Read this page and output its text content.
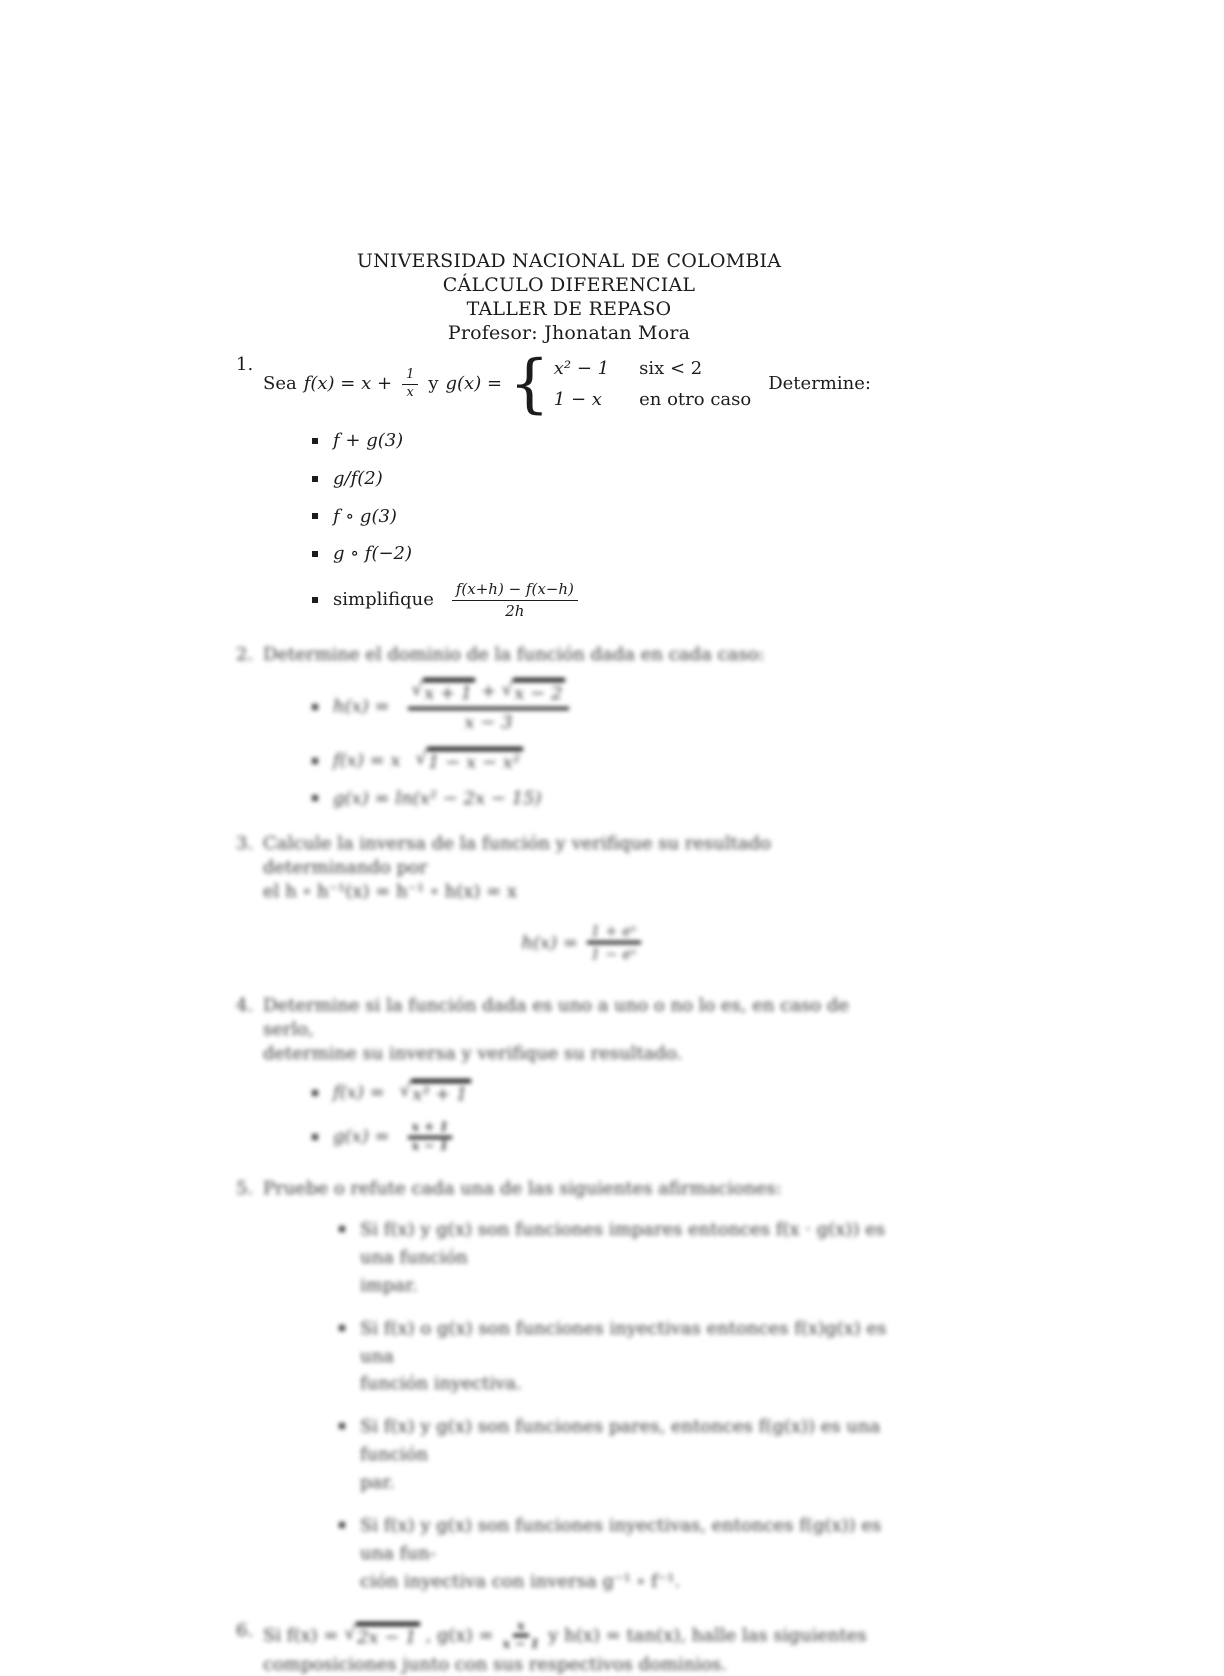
UNIVERSIDAD NACIONAL DE COLOMBIA
CÁLCULO DIFERENCIAL
TALLER DE REPASO
Profesor: Jhonatan Mora
1.
Sea $f(x) = x + \frac{1}{x}$ y g(x) =
{
x² − 1 six < 2
1 − x	en otro caso
Determine:
f + g(3)
g/f(2)
f ∘ g(3)
g ∘ f(−2)
simplifique $\frac{f(x+h) - f(x-h)}{2h}$
2. Determine el dominio de la función dada en cada caso:
h(x) = √ $\frac{x + 1 + √ x - 2}{x - 3}$
f(x) = x √ 1 − x − x²
g(x) = ln(x² − 2x − 15)
3. Calcule la inversa de la función y verifique su resultado determinando por
el h ∘ h⁻¹(x) = h⁻¹ ∘ h(x) = x
$h(x) = \frac{\text{1 + eˣ}}{\text{1 − eˣ}}$
4. Determine si la función dada es uno a uno o no lo es, en caso de serlo,
determine su inversa y verifique su resultado.
f(x) = √ x³ + 1
$g(x) = \frac{x + 1}{x - 1}$
5. Pruebe o refute cada una de las siguientes afirmaciones:
Si f(x) y g(x) son funciones impares entonces f(x · g(x)) es una función
impar.
Si f(x) o g(x) son funciones inyectivas entonces f(x)g(x) es una
función inyectiva.
Si f(x) y g(x) son funciones pares, entonces f(g(x)) es una función
par.
Si f(x) y g(x) son funciones inyectivas, entonces f(g(x)) es una fun-
ción inyectiva con inversa g⁻¹ ∘ f⁻¹.
6. Si f(x) = √ 2x − 1 , $g(x) = \frac{x}{x - 1}$ y h(x) = tan(x), halle las siguientes
composiciones junto con sus respectivos dominios.
